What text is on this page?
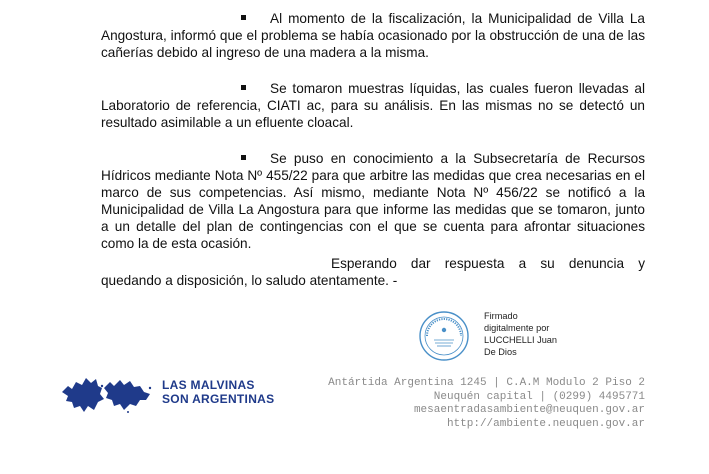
Al momento de la fiscalización, la Municipalidad de Villa La Angostura, informó que el problema se había ocasionado por la obstrucción de una de las cañerías debido al ingreso de una madera a la misma.

Se tomaron muestras líquidas, las cuales fueron llevadas al Laboratorio de referencia, CIATI ac, para su análisis. En las mismas no se detectó un resultado asimilable a un efluente cloacal.

Se puso en conocimiento a la Subsecretaría de Recursos Hídricos mediante Nota Nº 455/22 para que arbitre las medidas que crea necesarias en el marco de sus competencias. Así mismo, mediante Nota Nº 456/22 se notificó a la Municipalidad de Villa La Angostura para que informe las medidas que se tomaron, junto a un detalle del plan de contingencias con el que se cuenta para afrontar situaciones como la de esta ocasión.

Esperando dar respuesta a su denuncia y
quedando a disposición, lo saludo atentamente. -
Firmado
digitalmente por
LUCCHELLI Juan
De Dios
LAS MALVINAS
SON ARGENTINAS
Antártida Argentina 1245 | C.A.M Modulo 2 Piso 2
Neuquén capital | (0299) 4495771
mesaentradasambiente@neuquen.gov.ar
http://ambiente.neuquen.gov.ar
